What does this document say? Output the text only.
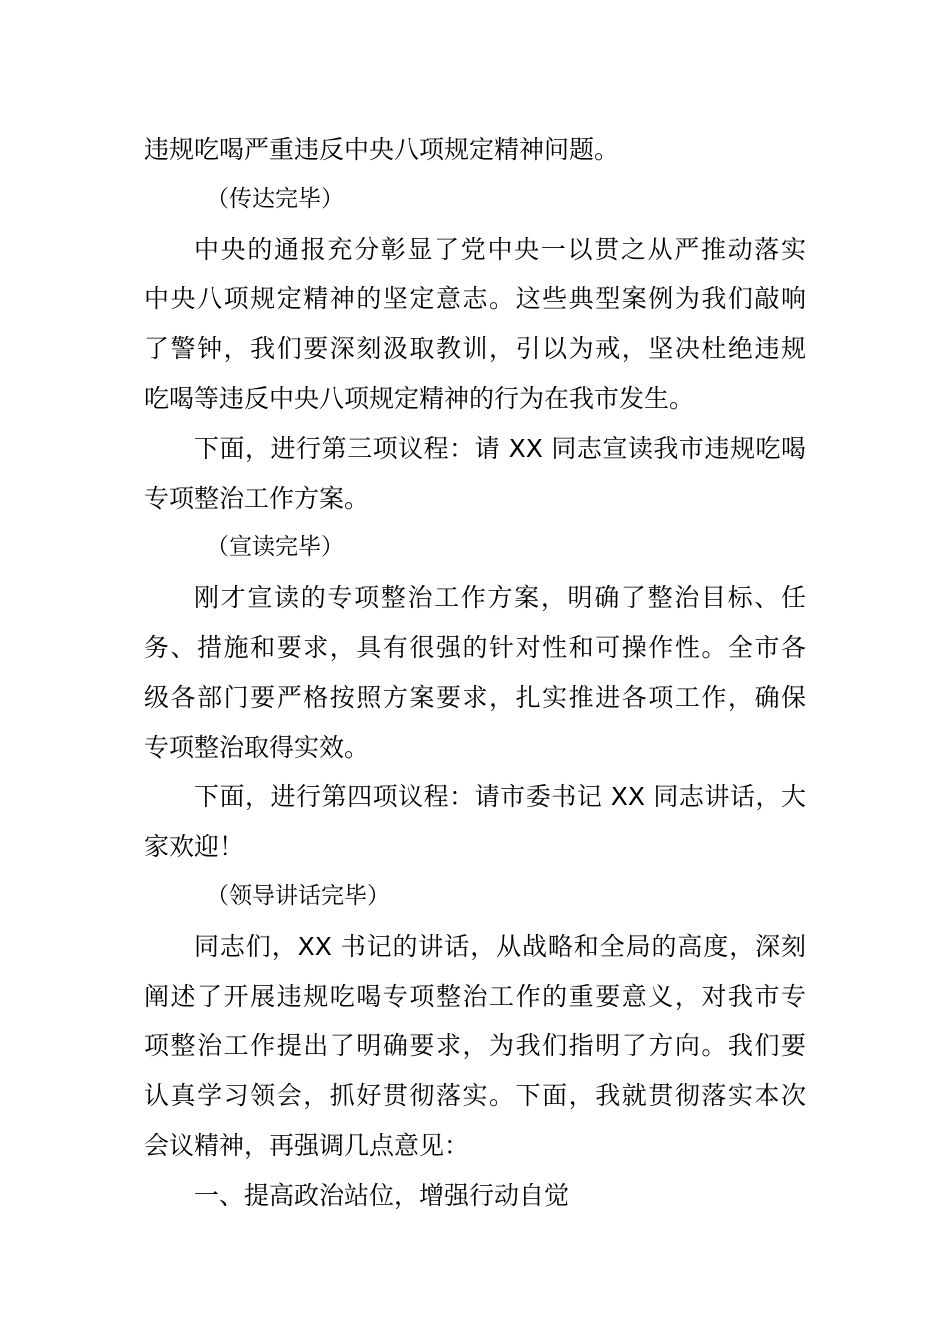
违规吃喝严重违反中央八项规定精神问题。
（传达完毕）
中央的通报充分彰显了党中央一以贯之从严推动落实
中央八项规定精神的坚定意志。这些典型案例为我们敲响
了警钟，我们要深刻汲取教训，引以为戒，坚决杜绝违规
吃喝等违反中央八项规定精神的行为在我市发生。
下面，进行第三项议程：请 XX 同志宣读我市违规吃喝
专项整治工作方案。
（宣读完毕）
刚才宣读的专项整治工作方案，明确了整治目标、任
务、措施和要求，具有很强的针对性和可操作性。全市各
级各部门要严格按照方案要求，扎实推进各项工作，确保
专项整治取得实效。
下面，进行第四项议程：请市委书记 XX 同志讲话，大
家欢迎！
（领导讲话完毕）
同志们，XX 书记的讲话，从战略和全局的高度，深刻
阐述了开展违规吃喝专项整治工作的重要意义，对我市专
项整治工作提出了明确要求，为我们指明了方向。我们要
认真学习领会，抓好贯彻落实。下面，我就贯彻落实本次
会议精神，再强调几点意见：
一、提高政治站位，增强行动自觉
